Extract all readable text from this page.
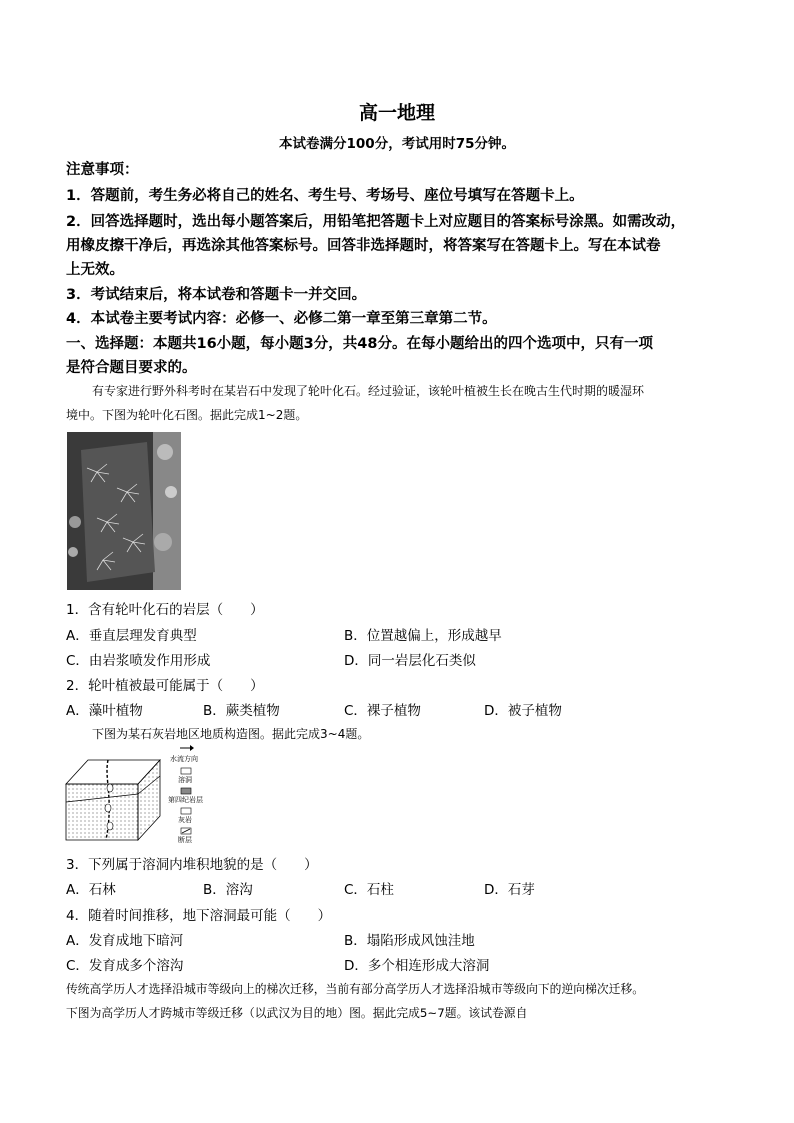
高一地理
本试卷满分100分，考试用时75分钟。
注意事项：
1．答题前，考生务必将自己的姓名、考生号、考场号、座位号填写在答题卡上。
2．回答选择题时，选出每小题答案后，用铅笔把答题卡上对应题目的答案标号涂黑。如需改动，
用橡皮擦干净后，再选涂其他答案标号。回答非选择题时，将答案写在答题卡上。写在本试卷
上无效。
3．考试结束后，将本试卷和答题卡一并交回。
4．本试卷主要考试内容：必修一、必修二第一章至第三章第二节。
一、选择题：本题共16小题，每小题3分，共48分。在每小题给出的四个选项中，只有一项
是符合题目要求的。
有专家进行野外科考时在某岩石中发现了轮叶化石。经过验证，该轮叶植被生长在晚古生代时期的暖湿环
境中。下图为轮叶化石图。据此完成1~2题。
1．含有轮叶化石的岩层（　　）
A．垂直层理发育典型	B．位置越偏上，形成越早
C．由岩浆喷发作用形成	D．同一岩层化石类似
2．轮叶植被最可能属于（　　）
A．藻叶植物	B．蕨类植物	C．裸子植物	D．被子植物
下图为某石灰岩地区地质构造图。据此完成3~4题。
水流方向
溶洞
第四纪岩层
灰岩
断层
3．下列属于溶洞内堆积地貌的是（　　）
A．石林	B．溶沟	C．石柱	D．石芽
4．随着时间推移，地下溶洞最可能（　　）
A．发育成地下暗河	B．塌陷形成风蚀洼地
C．发育成多个溶沟	D．多个相连形成大溶洞
传统高学历人才选择沿城市等级向上的梯次迁移，当前有部分高学历人才选择沿城市等级向下的逆向梯次迁移。
下图为高学历人才跨城市等级迁移（以武汉为目的地）图。据此完成5~7题。该试卷源自
